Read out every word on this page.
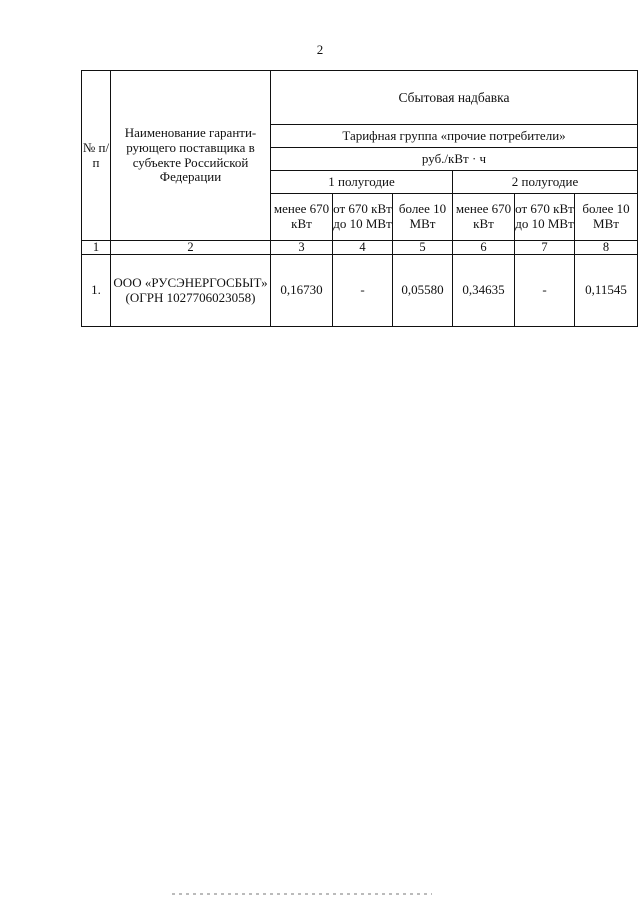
2
№ п/п	Наименование гаранти-рующего поставщика в субъекте Российской Федерации	Сбытовая надбавка					
		Тарифная группа «прочие потребители»					
		руб./кВт · ч					
		1 полугодие			2 полугодие		
		менее 670 кВт	от 670 кВт до 10 МВт	более 10 МВт	менее 670 кВт	от 670 кВт до 10 МВт	более 10 МВт
1	2	3	4	5	6	7	8
1.	ООО «РУСЭНЕРГОСБЫТ» (ОГРН 1027706023058)	0,16730	-	0,05580	0,34635	-	0,11545
